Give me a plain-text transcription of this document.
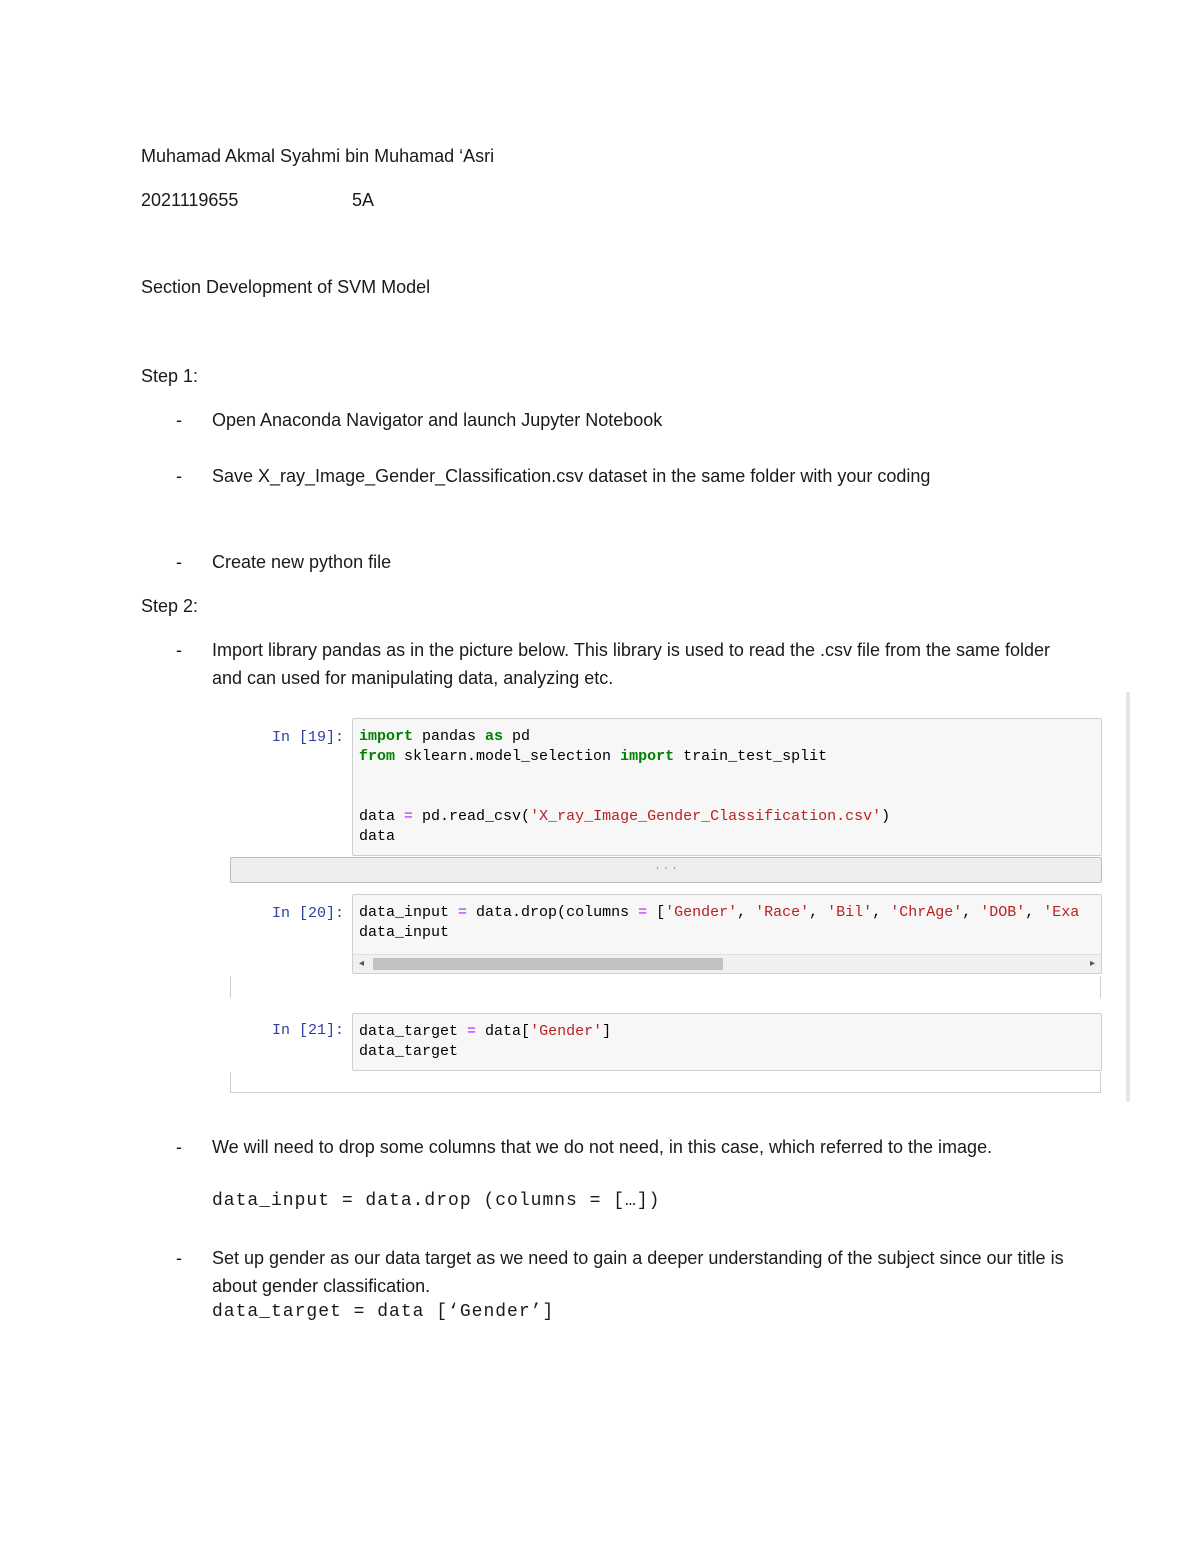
Muhamad Akmal Syahmi bin Muhamad ‘Asri
2021119655	5A
Section Development of SVM Model
Step 1:
- Open Anaconda Navigator and launch Jupyter Notebook
- Save X_ray_Image_Gender_Classification.csv dataset in the same folder with your coding
- Create new python file
Step 2:
- Import library pandas as in the picture below. This library is used to read the .csv file from the same folder and can used for manipulating data, analyzing etc.
In [19]: import pandas as pd
from sklearn.model_selection import train_test_split

data = pd.read_csv('X_ray_Image_Gender_Classification.csv')
data
· · ·
In [20]: data_input = data.drop(columns = ['Gender', 'Race', 'Bil', 'ChrAge', 'DOB', 'Exa
data_input
◂	▸
In [21]: data_target = data['Gender']
data_target
- We will need to drop some columns that we do not need, in this case, which referred to the image.
data_input = data.drop (columns = […])
- Set up gender as our data target as we need to gain a deeper understanding of the subject since our title is about gender classification.
data_target = data [‘Gender’]
